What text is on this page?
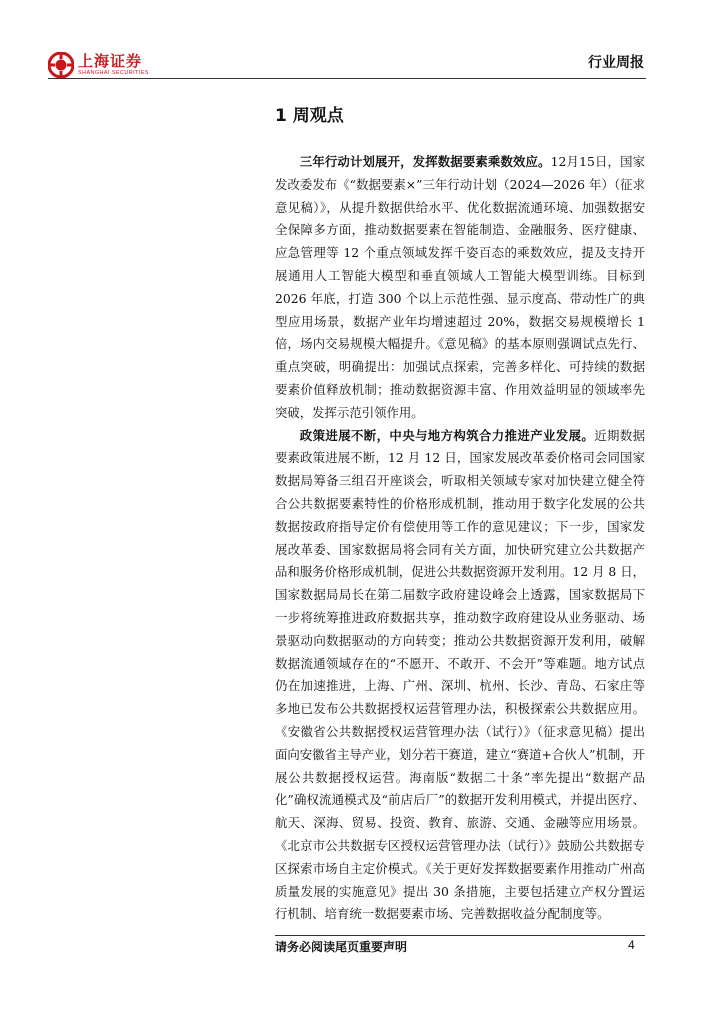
上海证券
SHANGHAI SECURITIES
行业周报
1 周观点

三年行动计划展开，发挥数据要素乘数效应。12月15日，国家发改委发布《“数据要素×”三年行动计划（2024—2026 年）（征求意见稿）》，从提升数据供给水平、优化数据流通环境、加强数据安全保障多方面，推动数据要素在智能制造、金融服务、医疗健康、应急管理等 12 个重点领域发挥千姿百态的乘数效应，提及支持开展通用人工智能大模型和垂直领域人工智能大模型训练。目标到 2026 年底，打造 300 个以上示范性强、显示度高、带动性广的典型应用场景，数据产业年均增速超过 20%，数据交易规模增长 1 倍，场内交易规模大幅提升。《意见稿》的基本原则强调试点先行、重点突破，明确提出：加强试点探索，完善多样化、可持续的数据要素价值释放机制；推动数据资源丰富、作用效益明显的领域率先突破，发挥示范引领作用。

政策进展不断，中央与地方构筑合力推进产业发展。近期数据要素政策进展不断，12 月 12 日，国家发展改革委价格司会同国家数据局筹备三组召开座谈会，听取相关领域专家对加快建立健全符合公共数据要素特性的价格形成机制，推动用于数字化发展的公共数据按政府指导定价有偿使用等工作的意见建议；下一步，国家发展改革委、国家数据局将会同有关方面，加快研究建立公共数据产品和服务价格形成机制，促进公共数据资源开发利用。12 月 8 日，国家数据局局长在第二届数字政府建设峰会上透露，国家数据局下一步将统筹推进政府数据共享，推动数字政府建设从业务驱动、场景驱动向数据驱动的方向转变；推动公共数据资源开发利用，破解数据流通领域存在的“不愿开、不敢开、不会开”等难题。地方试点仍在加速推进，上海、广州、深圳、杭州、长沙、青岛、石家庄等多地已发布公共数据授权运营管理办法，积极探索公共数据应用。《安徽省公共数据授权运营管理办法（试行）》（征求意见稿）提出面向安徽省主导产业，划分若干赛道，建立“赛道+合伙人”机制，开展公共数据授权运营。海南版“数据二十条”率先提出“数据产品化”确权流通模式及“前店后厂”的数据开发利用模式，并提出医疗、航天、深海、贸易、投资、教育、旅游、交通、金融等应用场景。《北京市公共数据专区授权运营管理办法（试行）》鼓励公共数据专区探索市场自主定价模式。《关于更好发挥数据要素作用推动广州高质量发展的实施意见》提出 30 条措施，主要包括建立产权分置运行机制、培育统一数据要素市场、完善数据收益分配制度等。

请务必阅读尾页重要声明	4
